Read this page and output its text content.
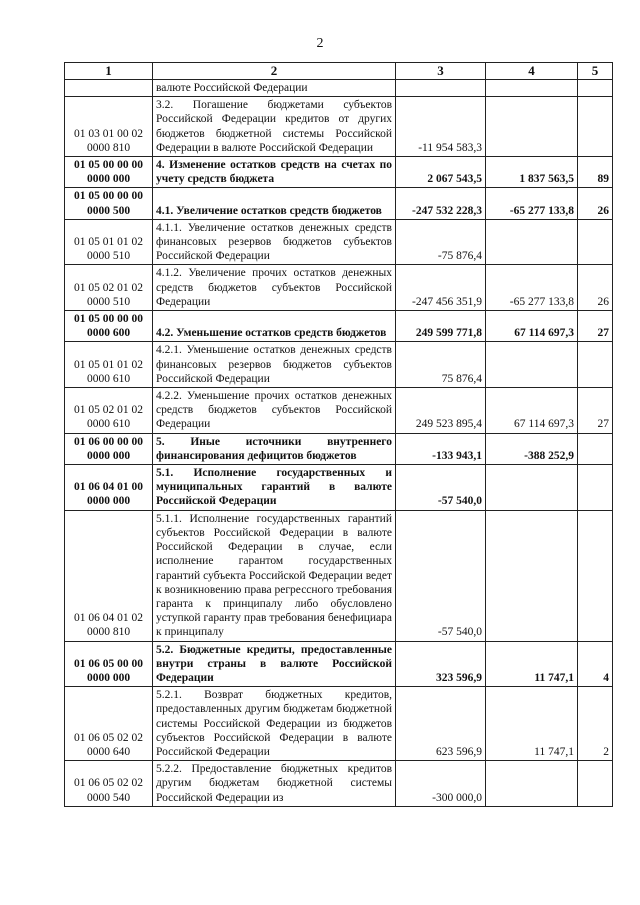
2
1	2	3	4	5
	валюте Российской Федерации			
01 03 01 00 02 0000 810	3.2. Погашение бюджетами субъектов Российской Федерации кредитов от других бюджетов бюджетной системы Российской Федерации в валюте Российской Федерации	-11 954 583,3		
01 05 00 00 00 0000 000	4. Изменение остатков средств на счетах по учету средств бюджета	2 067 543,5	1 837 563,5	89
01 05 00 00 00 0000 500	4.1. Увеличение остатков средств бюджетов	-247 532 228,3	-65 277 133,8	26
01 05 01 01 02 0000 510	4.1.1. Увеличение остатков денежных средств финансовых резервов бюджетов субъектов Российской Федерации	-75 876,4		
01 05 02 01 02 0000 510	4.1.2. Увеличение прочих остатков денежных средств бюджетов субъектов Российской Федерации	-247 456 351,9	-65 277 133,8	26
01 05 00 00 00 0000 600	4.2. Уменьшение остатков средств бюджетов	249 599 771,8	67 114 697,3	27
01 05 01 01 02 0000 610	4.2.1. Уменьшение остатков денежных средств финансовых резервов бюджетов субъектов Российской Федерации	75 876,4		
01 05 02 01 02 0000 610	4.2.2. Уменьшение прочих остатков денежных средств бюджетов субъектов Российской Федерации	249 523 895,4	67 114 697,3	27
01 06 00 00 00 0000 000	5. Иные источники внутреннего финансирования дефицитов бюджетов	-133 943,1	-388 252,9	
01 06 04 01 00 0000 000	5.1. Исполнение государственных и муниципальных гарантий в валюте Российской Федерации	-57 540,0		
01 06 04 01 02 0000 810	5.1.1. Исполнение государственных гарантий субъектов Российской Федерации в валюте Российской Федерации в случае, если исполнение гарантом государственных гарантий субъекта Российской Федерации ведет к возникновению права регрессного требования гаранта к принципалу либо обусловлено уступкой гаранту прав требования бенефициара к принципалу	-57 540,0		
01 06 05 00 00 0000 000	5.2. Бюджетные кредиты, предоставленные внутри страны в валюте Российской Федерации	323 596,9	11 747,1	4
01 06 05 02 02 0000 640	5.2.1. Возврат бюджетных кредитов, предоставленных другим бюджетам бюджетной системы Российской Федерации из бюджетов субъектов Российской Федерации в валюте Российской Федерации	623 596,9	11 747,1	2
01 06 05 02 02 0000 540	5.2.2. Предоставление бюджетных кредитов другим бюджетам бюджетной системы Российской Федерации из	-300 000,0		
